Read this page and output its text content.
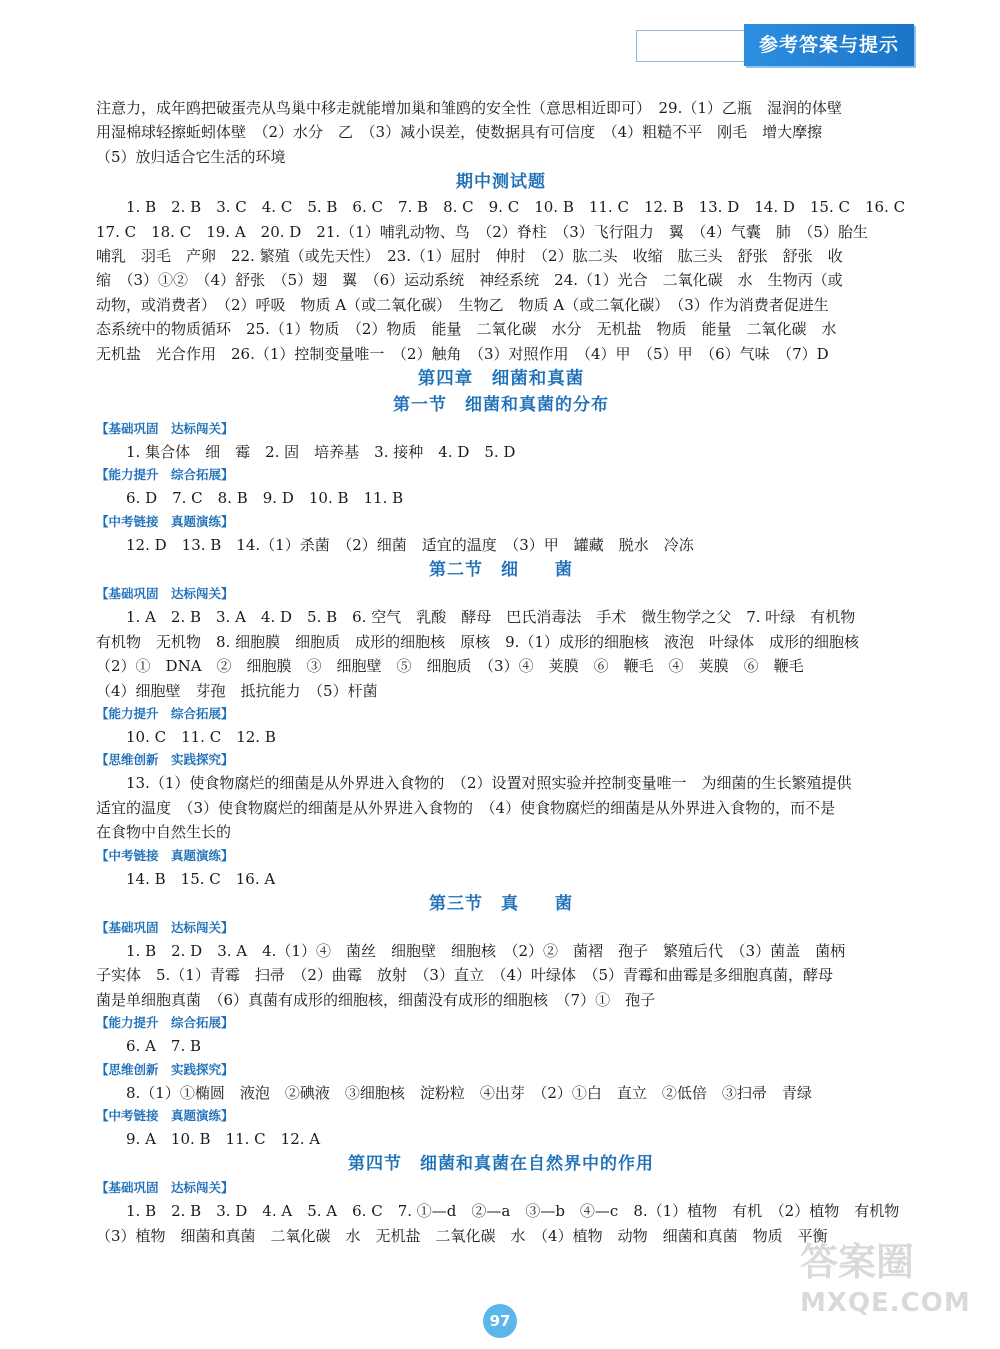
参考答案与提示
注意力，成年鸥把破蛋壳从鸟巢中移走就能增加巢和雏鸥的安全性（意思相近即可）　29.（1）乙瓶　湿润的体壁
用湿棉球轻擦蚯蚓体壁　（2）水分　乙　（3）减小误差，使数据具有可信度　（4）粗糙不平　刚毛　增大摩擦
（5）放归适合它生活的环境
期中测试题
1. B　2. B　3. C　4. C　5. B　6. C　7. B　8. C　9. C　10. B　11. C　12. B　13. D　14. D　15. C　16. C
17. C　18. C　19. A　20. D　21.（1）哺乳动物、鸟　（2）脊柱　（3）飞行阻力　翼　（4）气囊　肺　（5）胎生
哺乳　羽毛　产卵　22. 繁殖（或先天性）　23.（1）屈肘　伸肘　（2）肱二头　收缩　肱三头　舒张　舒张　收
缩　（3）①②　（4）舒张　（5）翅　翼　（6）运动系统　神经系统　24.（1）光合　二氧化碳　水　生物丙（或
动物，或消费者）　（2）呼吸　物质 A（或二氧化碳）　生物乙　物质 A（或二氧化碳）　（3）作为消费者促进生
态系统中的物质循环　25.（1）物质　（2）物质　能量　二氧化碳　水分　无机盐　物质　能量　二氧化碳　水
无机盐　光合作用　26.（1）控制变量唯一　（2）触角　（3）对照作用　（4）甲　（5）甲　（6）气味　（7）D
第四章　细菌和真菌
第一节　细菌和真菌的分布
【基础巩固　达标闯关】
1. 集合体　细　霉　2. 固　培养基　3. 接种　4. D　5. D
【能力提升　综合拓展】
6. D　7. C　8. B　9. D　10. B　11. B
【中考链接　真题演练】
12. D　13. B　14.（1）杀菌　（2）细菌　适宜的温度　（3）甲　罐藏　脱水　冷冻
第二节　细　　菌
【基础巩固　达标闯关】
1. A　2. B　3. A　4. D　5. B　6. 空气　乳酸　酵母　巴氏消毒法　手术　微生物学之父　7. 叶绿　有机物
有机物　无机物　8. 细胞膜　细胞质　成形的细胞核　原核　9.（1）成形的细胞核　液泡　叶绿体　成形的细胞核
（2）①　DNA　②　细胞膜　③　细胞壁　⑤　细胞质　（3）④　荚膜　⑥　鞭毛　④　荚膜　⑥　鞭毛
（4）细胞壁　芽孢　抵抗能力　（5）杆菌
【能力提升　综合拓展】
10. C　11. C　12. B
【思维创新　实践探究】
13.（1）使食物腐烂的细菌是从外界进入食物的　（2）设置对照实验并控制变量唯一　为细菌的生长繁殖提供
适宜的温度　（3）使食物腐烂的细菌是从外界进入食物的　（4）使食物腐烂的细菌是从外界进入食物的，而不是
在食物中自然生长的
【中考链接　真题演练】
14. B　15. C　16. A
第三节　真　　菌
【基础巩固　达标闯关】
1. B　2. D　3. A　4.（1）④　菌丝　细胞壁　细胞核　（2）②　菌褶　孢子　繁殖后代　（3）菌盖　菌柄
子实体　5.（1）青霉　扫帚　（2）曲霉　放射　（3）直立　（4）叶绿体　（5）青霉和曲霉是多细胞真菌，酵母
菌是单细胞真菌　（6）真菌有成形的细胞核，细菌没有成形的细胞核　（7）①　孢子
【能力提升　综合拓展】
6. A　7. B
【思维创新　实践探究】
8.（1）①椭圆　液泡　②碘液　③细胞核　淀粉粒　④出芽　（2）①白　直立　②低倍　③扫帚　青绿
【中考链接　真题演练】
9. A　10. B　11. C　12. A
第四节　细菌和真菌在自然界中的作用
【基础巩固　达标闯关】
1. B　2. B　3. D　4. A　5. A　6. C　7. ①—d　②—a　③—b　④—c　8.（1）植物　有机　（2）植物　有机物
（3）植物　细菌和真菌　二氧化碳　水　无机盐　二氧化碳　水　（4）植物　动物　细菌和真菌　物质　平衡
97
答案圈
MXQE.COM
